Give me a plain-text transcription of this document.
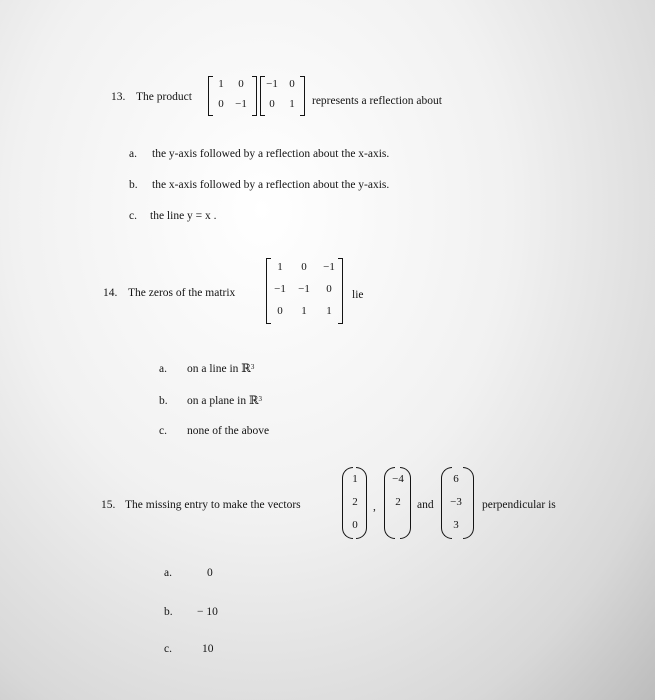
13. The product
1	0
0	−1
−1	0
0	1	represents a reflection about
a. the y-axis followed by a reflection about the x-axis.
b. the x-axis followed by a reflection about the y-axis.
c. the line y = x .
14. The zeros of the matrix
1	0	−1
−1 −1	0
0	1	1
lie
a. on a line in ℝ$^3$
b. on a plane in ℝ$^3$
c. none of the above
15. The missing entry to make the vectors
1
2
0
,
−4
2	and
6
−3
3
perpendicular is
a.	0
b. − 10
c.	10
